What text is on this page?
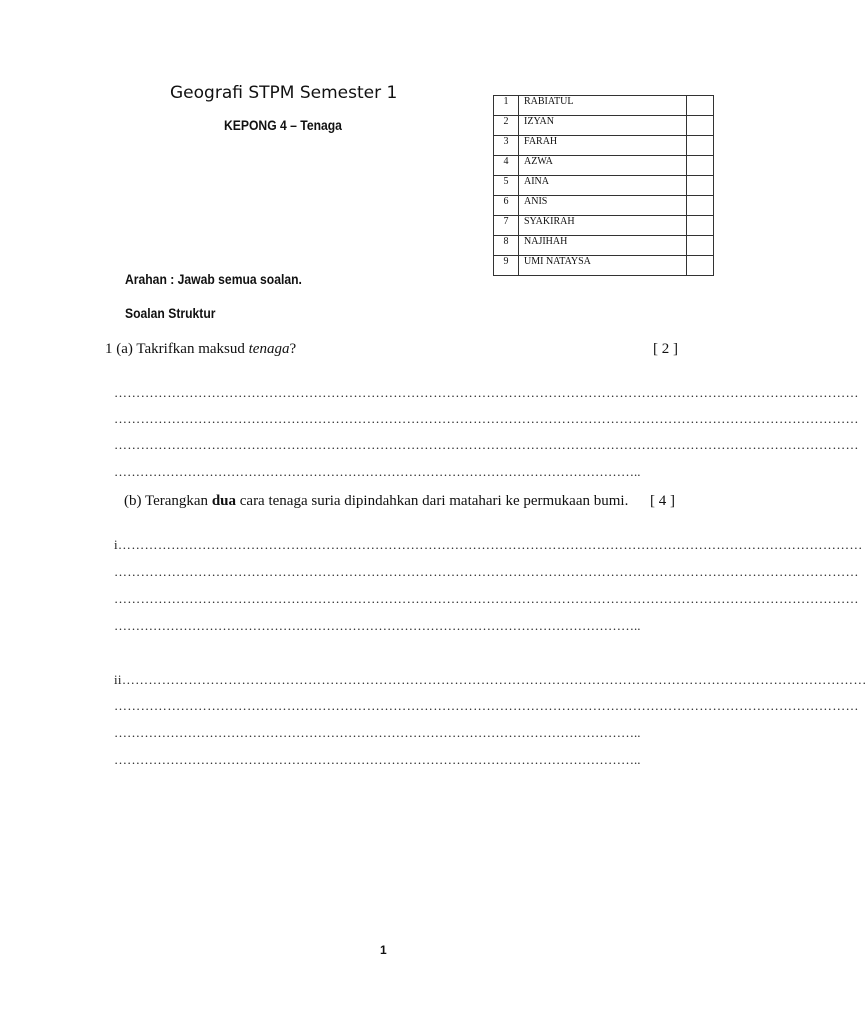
Geografi STPM Semester 1
KEPONG 4 – Tenaga
1	RABIATUL	
2	IZYAN	
3	FARAH	
4	AZWA	
5	AINA	
6	ANIS	
7	SYAKIRAH	
8	NAJIHAH	
9	UMI NATAYSA	
Arahan : Jawab semua soalan.
Soalan Struktur
1 (a) Takrifkan maksud tenaga?	[ 2 ]
……………………………………………………………………………………………………………………………………………………
……………………………………………………………………………………………………………………………………………………
……………………………………………………………………………………………………………………………………………………
…………………………………………………………………………………………………………..
(b) Terangkan dua cara tenaga suria dipindahkan dari matahari ke permukaan bumi. [ 4 ]
i……………………………………………………………………………………………………………………………………………………
……………………………………………………………………………………………………………………………………………………
……………………………………………………………………………………………………………………………………………………
…………………………………………………………………………………………………………..
ii……………………………………………………………………………………………………………………………………………………
……………………………………………………………………………………………………………………………………………………
…………………………………………………………………………………………………………..
…………………………………………………………………………………………………………..
1
